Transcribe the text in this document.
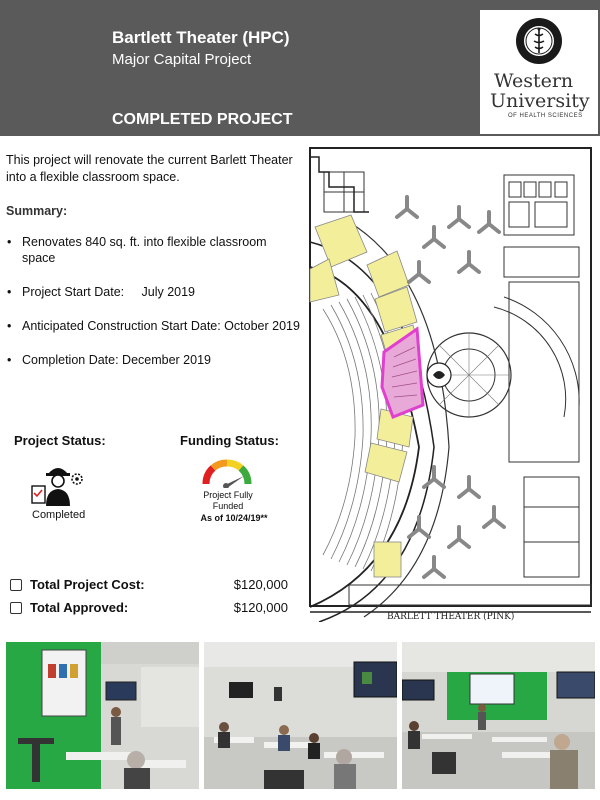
Bartlett Theater (HPC)
Major Capital Project
COMPLETED PROJECT
Western
University
OF HEALTH SCIENCES
This project will renovate the current Barlett Theater into a flexible classroom space.
Summary:
• Renovates 840 sq. ft. into flexible classroom space
• Project Start Date:     July 2019
• Anticipated Construction Start Date: October 2019
• Completion Date: December 2019
Project Status:
Completed
Funding Status:
Project Fully
Funded
As of 10/24/19**
Total Project Cost:	$120,000
Total Approved:	$120,000
BARLETT THEATER (PINK)
